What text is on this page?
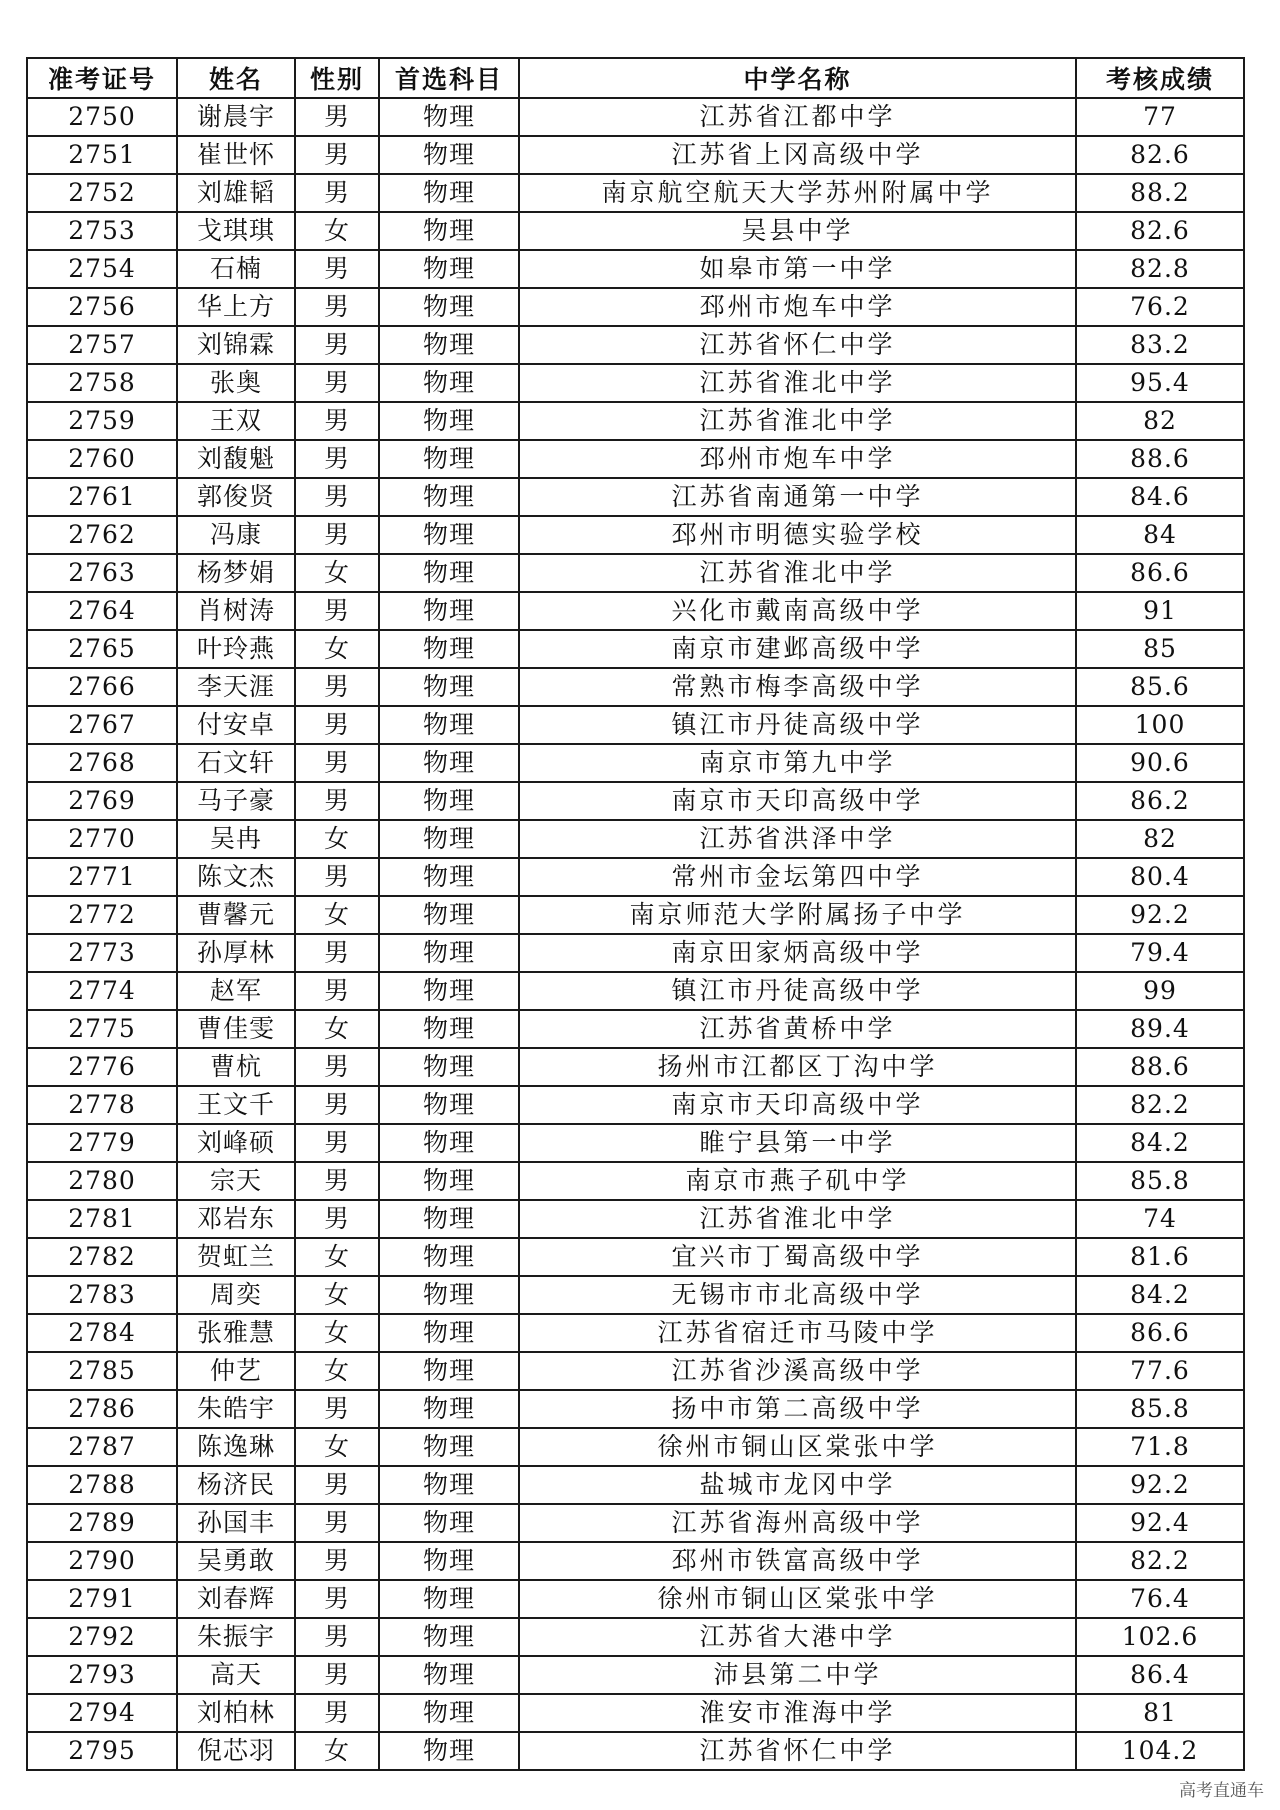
准考证号	姓名	性别	首选科目	中学名称	考核成绩
2750	谢晨宇	男	物理	江苏省江都中学	77
2751	崔世怀	男	物理	江苏省上冈高级中学	82.6
2752	刘雄韬	男	物理	南京航空航天大学苏州附属中学	88.2
2753	戈琪琪	女	物理	吴县中学	82.6
2754	石楠	男	物理	如皋市第一中学	82.8
2756	华上方	男	物理	邳州市炮车中学	76.2
2757	刘锦霖	男	物理	江苏省怀仁中学	83.2
2758	张奥	男	物理	江苏省淮北中学	95.4
2759	王双	男	物理	江苏省淮北中学	82
2760	刘馥魁	男	物理	邳州市炮车中学	88.6
2761	郭俊贤	男	物理	江苏省南通第一中学	84.6
2762	冯康	男	物理	邳州市明德实验学校	84
2763	杨梦娟	女	物理	江苏省淮北中学	86.6
2764	肖树涛	男	物理	兴化市戴南高级中学	91
2765	叶玲燕	女	物理	南京市建邺高级中学	85
2766	李天涯	男	物理	常熟市梅李高级中学	85.6
2767	付安卓	男	物理	镇江市丹徒高级中学	100
2768	石文轩	男	物理	南京市第九中学	90.6
2769	马子豪	男	物理	南京市天印高级中学	86.2
2770	吴冉	女	物理	江苏省洪泽中学	82
2771	陈文杰	男	物理	常州市金坛第四中学	80.4
2772	曹馨元	女	物理	南京师范大学附属扬子中学	92.2
2773	孙厚林	男	物理	南京田家炳高级中学	79.4
2774	赵军	男	物理	镇江市丹徒高级中学	99
2775	曹佳雯	女	物理	江苏省黄桥中学	89.4
2776	曹杭	男	物理	扬州市江都区丁沟中学	88.6
2778	王文千	男	物理	南京市天印高级中学	82.2
2779	刘峰硕	男	物理	睢宁县第一中学	84.2
2780	宗天	男	物理	南京市燕子矶中学	85.8
2781	邓岩东	男	物理	江苏省淮北中学	74
2782	贺虹兰	女	物理	宜兴市丁蜀高级中学	81.6
2783	周奕	女	物理	无锡市市北高级中学	84.2
2784	张雅慧	女	物理	江苏省宿迁市马陵中学	86.6
2785	仲艺	女	物理	江苏省沙溪高级中学	77.6
2786	朱皓宇	男	物理	扬中市第二高级中学	85.8
2787	陈逸琳	女	物理	徐州市铜山区棠张中学	71.8
2788	杨济民	男	物理	盐城市龙冈中学	92.2
2789	孙国丰	男	物理	江苏省海州高级中学	92.4
2790	吴勇敢	男	物理	邳州市铁富高级中学	82.2
2791	刘春辉	男	物理	徐州市铜山区棠张中学	76.4
2792	朱振宇	男	物理	江苏省大港中学	102.6
2793	高天	男	物理	沛县第二中学	86.4
2794	刘柏林	男	物理	淮安市淮海中学	81
2795	倪芯羽	女	物理	江苏省怀仁中学	104.2
高考直通车
